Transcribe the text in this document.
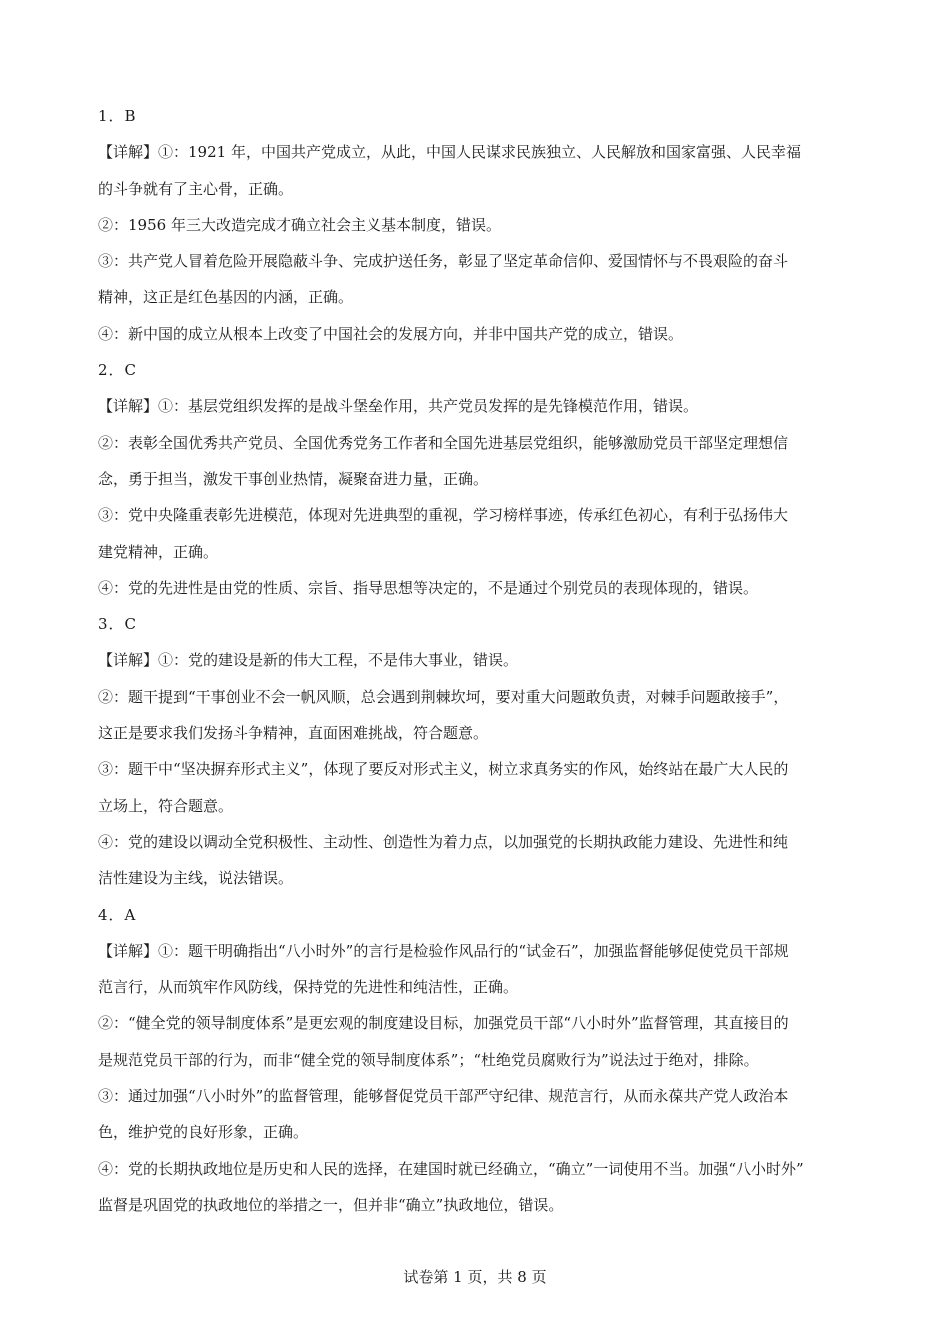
1．B
【详解】①：1921 年，中国共产党成立，从此，中国人民谋求民族独立、人民解放和国家富强、人民幸福
的斗争就有了主心骨，正确。
②：1956 年三大改造完成才确立社会主义基本制度，错误。
③：共产党人冒着危险开展隐蔽斗争、完成护送任务，彰显了坚定革命信仰、爱国情怀与不畏艰险的奋斗
精神，这正是红色基因的内涵，正确。
④：新中国的成立从根本上改变了中国社会的发展方向，并非中国共产党的成立，错误。
2．C
【详解】①：基层党组织发挥的是战斗堡垒作用，共产党员发挥的是先锋模范作用，错误。
②：表彰全国优秀共产党员、全国优秀党务工作者和全国先进基层党组织，能够激励党员干部坚定理想信
念，勇于担当，激发干事创业热情，凝聚奋进力量，正确。
③：党中央隆重表彰先进模范，体现对先进典型的重视，学习榜样事迹，传承红色初心，有利于弘扬伟大
建党精神，正确。
④：党的先进性是由党的性质、宗旨、指导思想等决定的，不是通过个别党员的表现体现的，错误。
3．C
【详解】①：党的建设是新的伟大工程，不是伟大事业，错误。
②：题干提到“干事创业不会一帆风顺，总会遇到荆棘坎坷，要对重大问题敢负责，对棘手问题敢接手”，
这正是要求我们发扬斗争精神，直面困难挑战，符合题意。
③：题干中“坚决摒弃形式主义”，体现了要反对形式主义，树立求真务实的作风，始终站在最广大人民的
立场上，符合题意。
④：党的建设以调动全党积极性、主动性、创造性为着力点，以加强党的长期执政能力建设、先进性和纯
洁性建设为主线，说法错误。
4．A
【详解】①：题干明确指出“八小时外”的言行是检验作风品行的“试金石”，加强监督能够促使党员干部规
范言行，从而筑牢作风防线，保持党的先进性和纯洁性，正确。
②：“健全党的领导制度体系”是更宏观的制度建设目标，加强党员干部“八小时外”监督管理，其直接目的
是规范党员干部的行为，而非“健全党的领导制度体系”；“杜绝党员腐败行为”说法过于绝对，排除。
③：通过加强“八小时外”的监督管理，能够督促党员干部严守纪律、规范言行，从而永葆共产党人政治本
色，维护党的良好形象，正确。
④：党的长期执政地位是历史和人民的选择，在建国时就已经确立，“确立”一词使用不当。加强“八小时外”
监督是巩固党的执政地位的举措之一，但并非“确立”执政地位，错误。
试卷第 1 页，共 8 页
